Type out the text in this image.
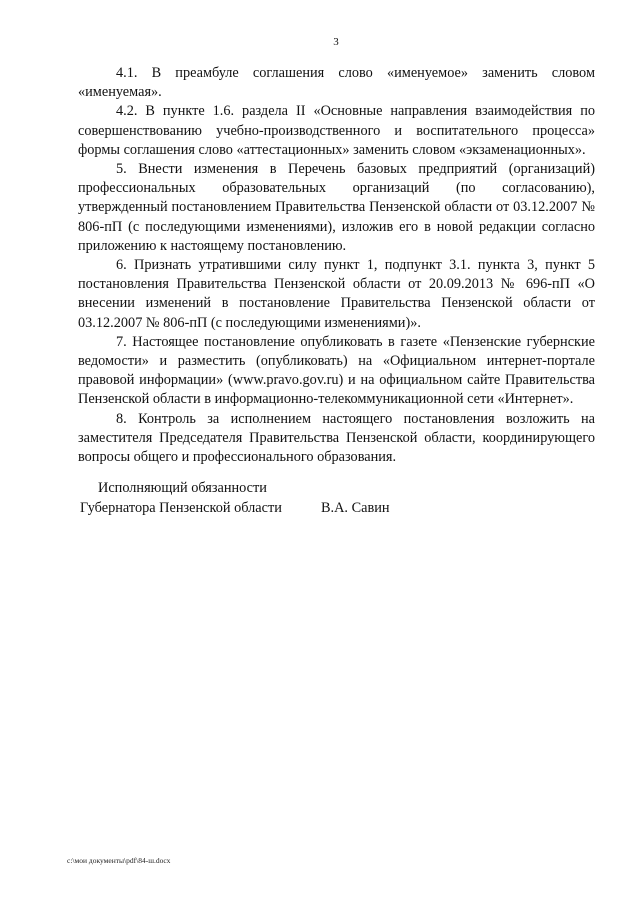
3

4.1. В преамбуле соглашения слово «именуемое» заменить словом «именуемая».

4.2. В пункте 1.6. раздела II «Основные направления взаимодействия по совершенствованию учебно-производственного и воспитательного процесса» формы соглашения слово «аттестационных» заменить словом «экзаменационных».

5. Внести изменения в Перечень базовых предприятий (организаций) профессиональных образовательных организаций (по согласованию), утвержденный постановлением Правительства Пензенской области от 03.12.2007 № 806-пП (с последующими изменениями), изложив его в новой редакции согласно приложению к настоящему постановлению.

6. Признать утратившими силу пункт 1, подпункт 3.1. пункта 3, пункт 5 постановления Правительства Пензенской области от 20.09.2013 № 696-пП «О внесении изменений в постановление Правительства Пензенской области от 03.12.2007 № 806-пП (с последующими изменениями)».

7. Настоящее постановление опубликовать в газете «Пензенские губернские ведомости» и разместить (опубликовать) на «Официальном интернет-портале правовой информации» (www.pravo.gov.ru) и на официальном сайте Правительства Пензенской области в информационно-телекоммуникационной сети «Интернет».

8. Контроль за исполнением настоящего постановления возложить на заместителя Председателя Правительства Пензенской области, координирующего вопросы общего и профессионального образования.

Исполняющий обязанности
Губернатора Пензенской области	В.А. Савин
c:\мои документы\pdf\84-ш.docx
